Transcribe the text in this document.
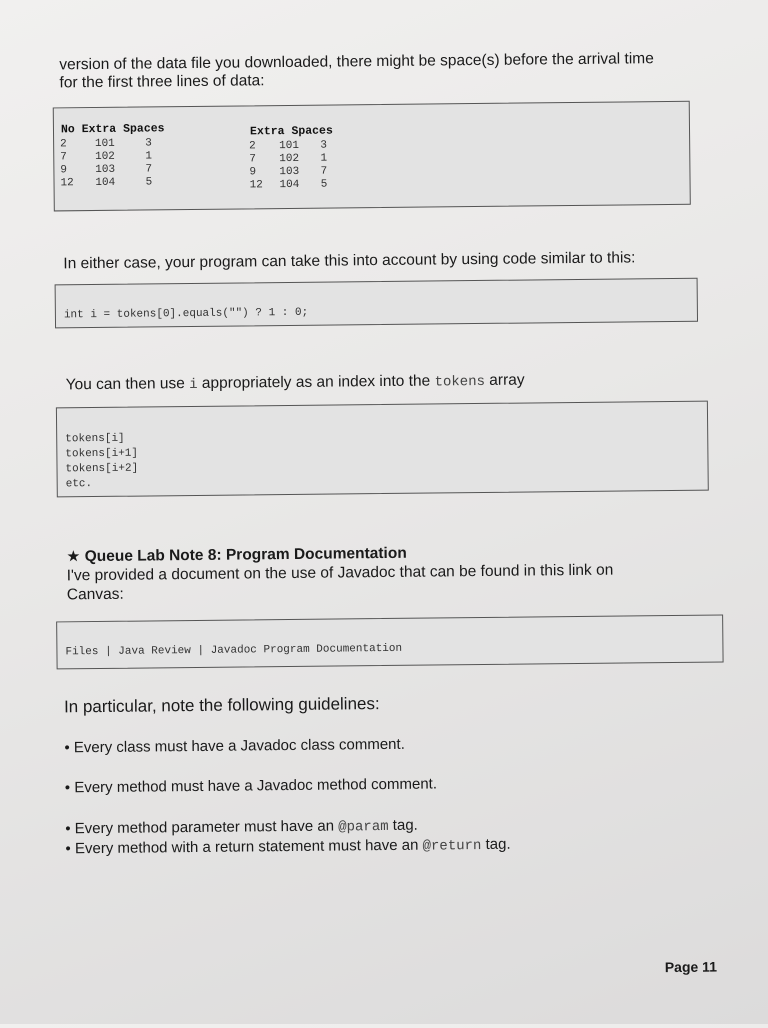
version of the data file you downloaded, there might be space(s) before the arrival time

for the first three lines of data:

No Extra Spaces		
2	101	3
7	102	1
9	103	7
12	104	5
Extra Spaces		
2	101	3
7	102	1
9	103	7
12	104	5

In either case, your program can take this into account by using code similar to this:

int i = tokens[0].equals("") ? 1 : 0;

You can then use i appropriately as an index into the tokens array

tokens[i]
tokens[i+1]
tokens[i+2]
etc.
★ Queue Lab Note 8: Program Documentation

I've provided a document on the use of Javadoc that can be found in this link on

Canvas:

Files | Java Review | Javadoc Program Documentation

In particular, note the following guidelines:

• Every class must have a Javadoc class comment.
• Every method must have a Javadoc method comment.
• Every method parameter must have an @param tag.
• Every method with a return statement must have an @return tag.
Page 11
